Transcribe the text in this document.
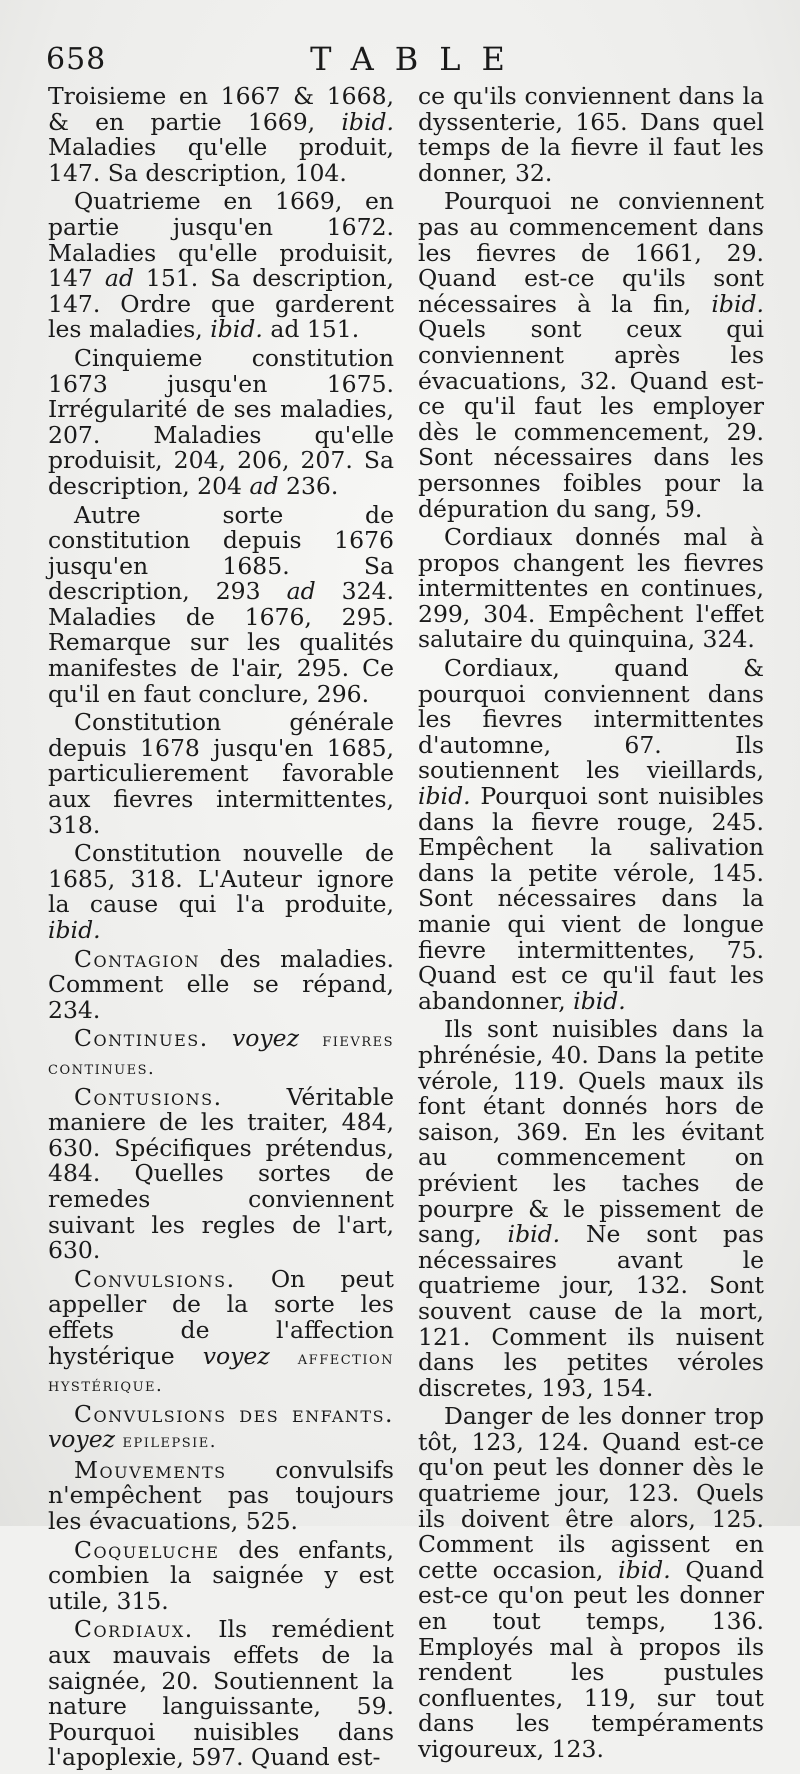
658	TABLE

Troisieme en 1667 & 1668, & en partie 1669, ibid. Maladies qu'elle produit, 147. Sa description, 104.

Quatrieme en 1669, en partie jusqu'en 1672. Maladies qu'elle produisit, 147 ad 151. Sa description, 147. Ordre que garderent les maladies, ibid. ad 151.

Cinquieme constitution 1673 jusqu'en 1675. Irrégularité de ses maladies, 207. Maladies qu'elle produisit, 204, 206, 207. Sa description, 204 ad 236.

Autre sorte de constitution depuis 1676 jusqu'en 1685. Sa description, 293 ad 324. Maladies de 1676, 295. Remarque sur les qualités manifestes de l'air, 295. Ce qu'il en faut conclure, 296.

Constitution générale depuis 1678 jusqu'en 1685, particulierement favorable aux fievres intermittentes, 318.

Constitution nouvelle de 1685, 318. L'Auteur ignore la cause qui l'a produite, ibid.

Contagion des maladies. Comment elle se répand, 234.

Continues. voyez fievres continues.

Contusions. Véritable maniere de les traiter, 484, 630. Spécifiques prétendus, 484. Quelles sortes de remedes conviennent suivant les regles de l'art, 630.

Convulsions. On peut appeller de la sorte les effets de l'affection hystérique voyez affection hystérique.

Convulsions des enfants. voyez epilepsie.

Mouvements convulsifs n'empêchent pas toujours les évacuations, 525.

Coqueluche des enfants, combien la saignée y est utile, 315.

Cordiaux. Ils remédient aux mauvais effets de la saignée, 20. Soutiennent la nature languissante, 59. Pourquoi nuisibles dans l'apoplexie, 597. Quand est-

ce qu'ils conviennent dans la dyssenterie, 165. Dans quel temps de la fievre il faut les donner, 32.

Pourquoi ne conviennent pas au commencement dans les fievres de 1661, 29. Quand est-ce qu'ils sont nécessaires à la fin, ibid. Quels sont ceux qui conviennent après les évacuations, 32. Quand est-ce qu'il faut les employer dès le commencement, 29. Sont nécessaires dans les personnes foibles pour la dépuration du sang, 59.

Cordiaux donnés mal à propos changent les fievres intermittentes en continues, 299, 304. Empêchent l'effet salutaire du quinquina, 324.

Cordiaux, quand & pourquoi conviennent dans les fievres intermittentes d'automne, 67. Ils soutiennent les vieillards, ibid. Pourquoi sont nuisibles dans la fievre rouge, 245. Empêchent la salivation dans la petite vérole, 145. Sont nécessaires dans la manie qui vient de longue fievre intermittentes, 75. Quand est ce qu'il faut les abandonner, ibid.

Ils sont nuisibles dans la phrénésie, 40. Dans la petite vérole, 119. Quels maux ils font étant donnés hors de saison, 369. En les évitant au commencement on prévient les taches de pourpre & le pissement de sang, ibid. Ne sont pas nécessaires avant le quatrieme jour, 132. Sont souvent cause de la mort, 121. Comment ils nuisent dans les petites véroles discretes, 193, 154.

Danger de les donner trop tôt, 123, 124. Quand est-ce qu'on peut les donner dès le quatrieme jour, 123. Quels ils doivent être alors, 125. Comment ils agissent en cette occasion, ibid. Quand est-ce qu'on peut les donner en tout temps, 136. Employés mal à propos ils rendent les pustules confluentes, 119, sur tout dans les tempéraments vigoureux, 123.
